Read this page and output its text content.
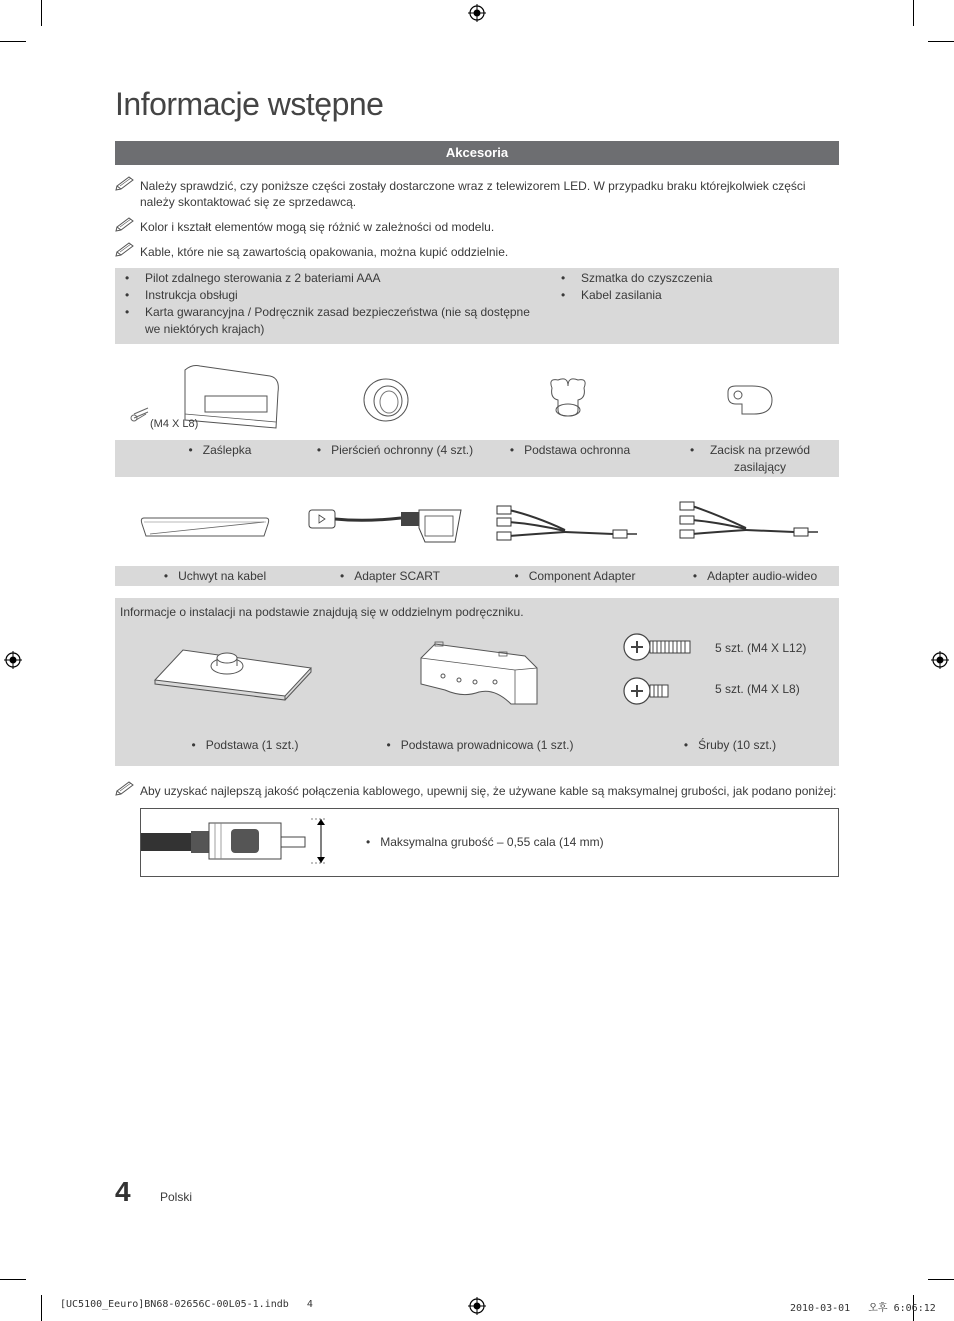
Informacje wstępne
Akcesoria
Należy sprawdzić, czy poniższe części zostały dostarczone wraz z telewizorem LED. W przypadku braku którejkolwiek części należy skontaktować się ze sprzedawcą.
Kolor i kształt elementów mogą się różnić w zależności od modelu.
Kable, które nie są zawartością opakowania, można kupić oddzielnie.
• Pilot zdalnego sterowania z 2 bateriami AAA
• Instrukcja obsługi
• Karta gwarancyjna / Podręcznik zasad bezpieczeństwa (nie są dostępne we niektórych krajach)
• Szmatka do czyszczenia
• Kabel zasilania
(M4 X L8)
• Zaślepka	• Pierścień ochronny (4 szt.)	• Podstawa ochronna	• Zacisk na przewód zasilający
• Uchwyt na kabel	• Adapter SCART	• Component Adapter	• Adapter audio-wideo
Informacje o instalacji na podstawie znajdują się w oddzielnym podręczniku.
5 szt. (M4 X L12)
5 szt. (M4 X L8)
• Podstawa (1 szt.)	• Podstawa prowadnicowa (1 szt.)	• Śruby (10 szt.)
Aby uzyskać najlepszą jakość połączenia kablowego, upewnij się, że używane kable są maksymalnej grubości, jak podano poniżej:
• Maksymalna grubość – 0,55 cala (14 mm)
4 Polski
[UC5100_Eeuro]BN68-02656C-00L05-1.indb   4	2010-03-01   오후 6:06:12
